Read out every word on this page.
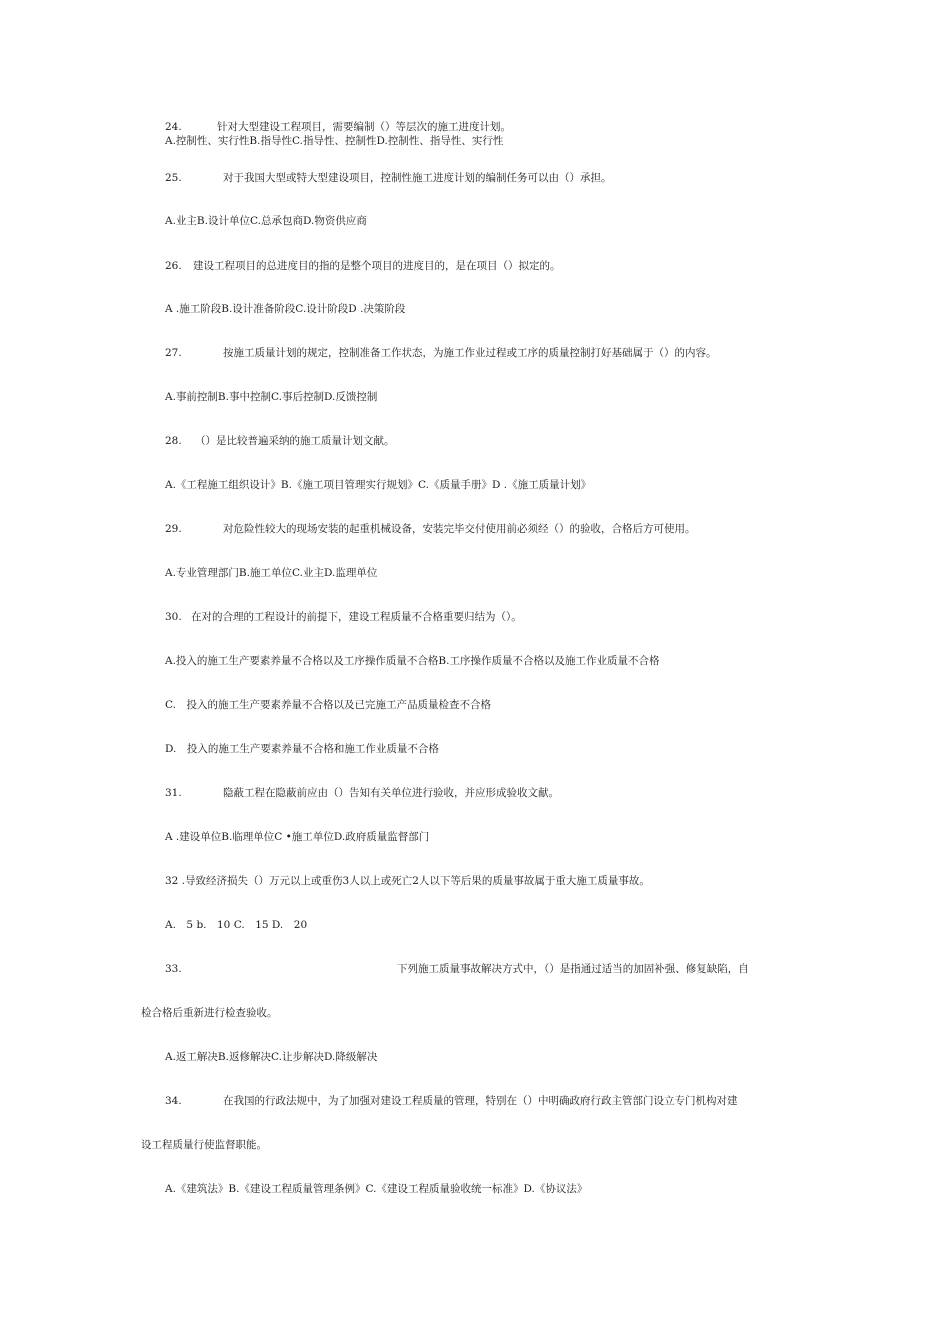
24.	针对大型建设工程项目，需要编制（）等层次的施工进度计划。
A.控制性、实行性B.指导性C.指导性、控制性D.控制性、指导性、实行性
25.	对于我国大型或特大型建设项目，控制性施工进度计划的编制任务可以由（）承担。
A.业主B.设计单位C.总承包商D.物资供应商
26. 建设工程项目的总进度目的指的是整个项目的进度目的，是在项目（）拟定的。
A .施工阶段B.设计准备阶段C.设计阶段D .决策阶段
27.	按施工质量计划的规定，控制准备工作状态，为施工作业过程或工序的质量控制打好基础属于（）的内容。
A.事前控制B.事中控制C.事后控制D.反馈控制
28. （）是比较普遍采纳的施工质量计划文献。
A.《工程施工组织设计》B.《施工项目管理实行规划》C.《质量手册》D .《施工质量计划》
29.	对危险性较大的现场安装的起重机械设备，安装完毕交付使用前必须经（）的验收，合格后方可使用。
A.专业管理部门B.施工单位C.业主D.监理单位
30. 在对的合理的工程设计的前提下，建设工程质量不合格重要归结为（）。
A.投入的施工生产要素养量不合格以及工序操作质量不合格B.工序操作质量不合格以及施工作业质量不合格
C.　投入的施工生产要素养量不合格以及已完施工产品质量检查不合格
D.　投入的施工生产要素养量不合格和施工作业质量不合格
31.	隐蔽工程在隐蔽前应由（）告知有关单位进行验收，并应形成验收文献。
A .建设单位B.临理单位C •施工单位D.政府质量监督部门
32 .导致经济损失（）万元以上或重伤3人以上或死亡2人以下等后果的质量事故属于重大施工质量事故。
A.　5 b.　10 C.　15 D.　20
33.	下列施工质量事故解决方式中，（）是指通过适当的加固补强、修复缺陷，自
检合格后重新进行检查验收。
A.返工解决B.返修解决C.让步解决D.降级解决
34.	在我国的行政法规中，为了加强对建设工程质量的管理，特别在（）中明确政府行政主管部门设立专门机构对建
设工程质量行使监督职能。
A.《建筑法》B.《建设工程质量管理条例》C.《建设工程质量验收统一标准》D.《协议法》
